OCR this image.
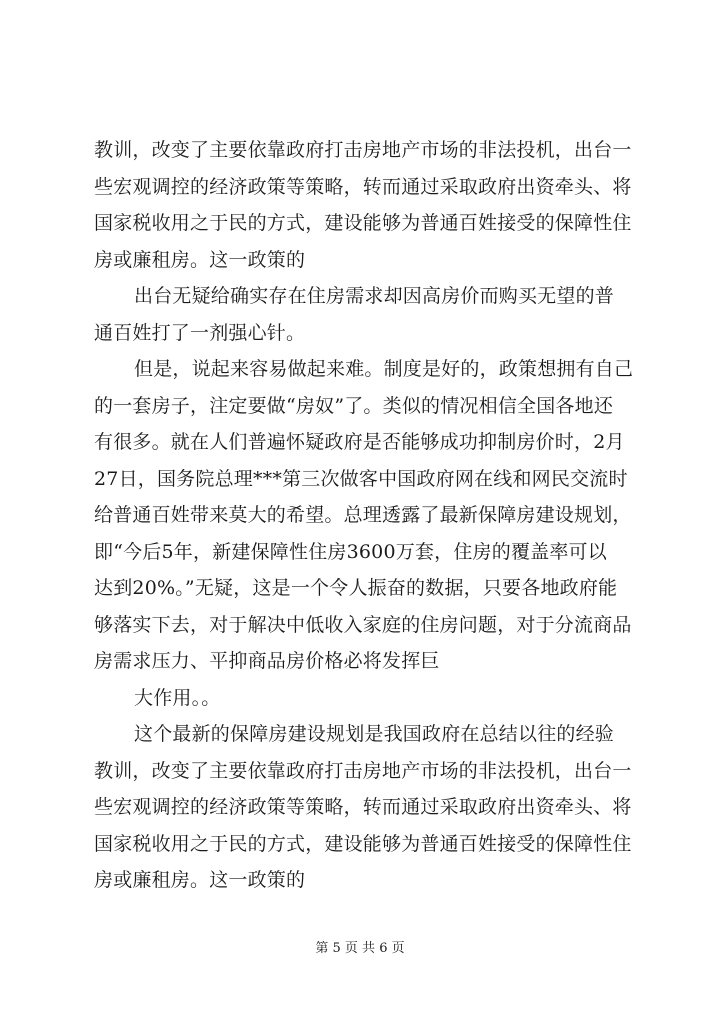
教训，改变了主要依靠政府打击房地产市场的非法投机，出台一
些宏观调控的经济政策等策略，转而通过采取政府出资牵头、将
国家税收用之于民的方式，建设能够为普通百姓接受的保障性住
房或廉租房。这一政策的
出台无疑给确实存在住房需求却因高房价而购买无望的普
通百姓打了一剂强心针。
但是，说起来容易做起来难。制度是好的，政策想拥有自己
的一套房子，注定要做“房奴”了。类似的情况相信全国各地还
有很多。就在人们普遍怀疑政府是否能够成功抑制房价时，2月
27日，国务院总理***第三次做客中国政府网在线和网民交流时
给普通百姓带来莫大的希望。总理透露了最新保障房建设规划，
即“今后5年，新建保障性住房3600万套，住房的覆盖率可以
达到20%。”无疑，这是一个令人振奋的数据，只要各地政府能
够落实下去，对于解决中低收入家庭的住房问题，对于分流商品
房需求压力、平抑商品房价格必将发挥巨
大作用。。
这个最新的保障房建设规划是我国政府在总结以往的经验
教训，改变了主要依靠政府打击房地产市场的非法投机，出台一
些宏观调控的经济政策等策略，转而通过采取政府出资牵头、将
国家税收用之于民的方式，建设能够为普通百姓接受的保障性住
房或廉租房。这一政策的
第 5 页 共 6 页
